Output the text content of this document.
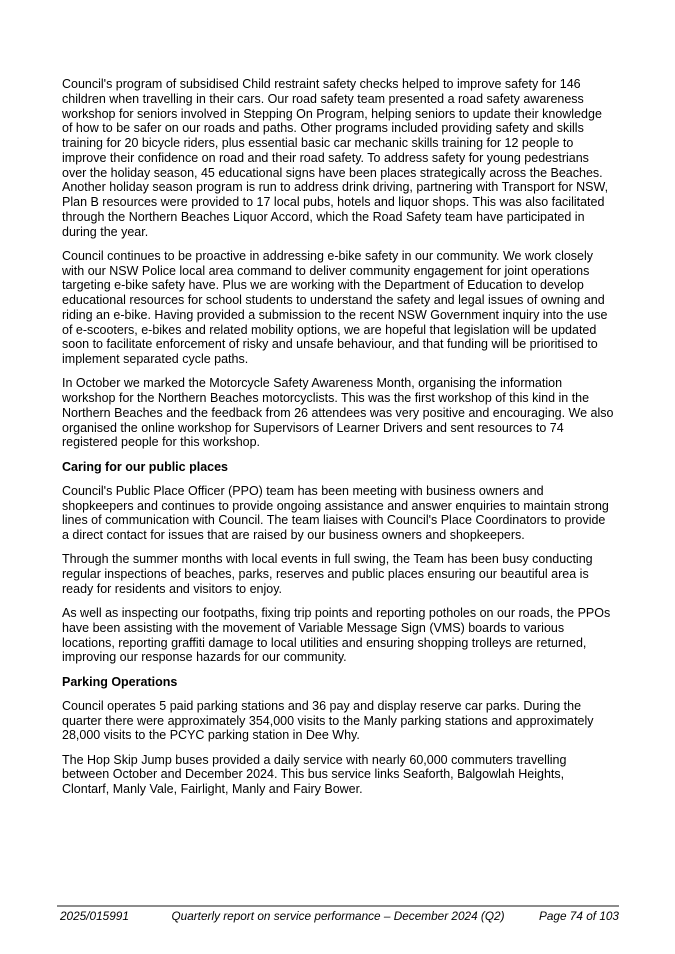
Council's program of subsidised Child restraint safety checks helped to improve safety for 146 children when travelling in their cars. Our road safety team presented a road safety awareness workshop for seniors involved in Stepping On Program, helping seniors to update their knowledge of how to be safer on our roads and paths. Other programs included providing safety and skills training for 20 bicycle riders, plus essential basic car mechanic skills training for 12 people to improve their confidence on road and their road safety. To address safety for young pedestrians over the holiday season, 45 educational signs have been places strategically across the Beaches. Another holiday season program is run to address drink driving, partnering with Transport for NSW, Plan B resources were provided to 17 local pubs, hotels and liquor shops. This was also facilitated through the Northern Beaches Liquor Accord, which the Road Safety team have participated in during the year.

Council continues to be proactive in addressing e-bike safety in our community. We work closely with our NSW Police local area command to deliver community engagement for joint operations targeting e-bike safety have. Plus we are working with the Department of Education to develop educational resources for school students to understand the safety and legal issues of owning and riding an e-bike. Having provided a submission to the recent NSW Government inquiry into the use of e-scooters, e-bikes and related mobility options, we are hopeful that legislation will be updated soon to facilitate enforcement of risky and unsafe behaviour, and that funding will be prioritised to implement separated cycle paths.

In October we marked the Motorcycle Safety Awareness Month, organising the information workshop for the Northern Beaches motorcyclists. This was the first workshop of this kind in the Northern Beaches and the feedback from 26 attendees was very positive and encouraging. We also organised the online workshop for Supervisors of Learner Drivers and sent resources to 74 registered people for this workshop.

Caring for our public places

Council's Public Place Officer (PPO) team has been meeting with business owners and shopkeepers and continues to provide ongoing assistance and answer enquiries to maintain strong lines of communication with Council. The team liaises with Council's Place Coordinators to provide a direct contact for issues that are raised by our business owners and shopkeepers.

Through the summer months with local events in full swing, the Team has been busy conducting regular inspections of beaches, parks, reserves and public places ensuring our beautiful area is ready for residents and visitors to enjoy.

As well as inspecting our footpaths, fixing trip points and reporting potholes on our roads, the PPOs have been assisting with the movement of Variable Message Sign (VMS) boards to various locations, reporting graffiti damage to local utilities and ensuring shopping trolleys are returned, improving our response hazards for our community.

Parking Operations

Council operates 5 paid parking stations and 36 pay and display reserve car parks. During the quarter there were approximately 354,000 visits to the Manly parking stations and approximately 28,000 visits to the PCYC parking station in Dee Why.

The Hop Skip Jump buses provided a daily service with nearly 60,000 commuters travelling between October and December 2024. This bus service links Seaforth, Balgowlah Heights, Clontarf, Manly Vale, Fairlight, Manly and Fairy Bower.

2025/015991	Quarterly report on service performance – December 2024 (Q2)	Page 74 of 103
